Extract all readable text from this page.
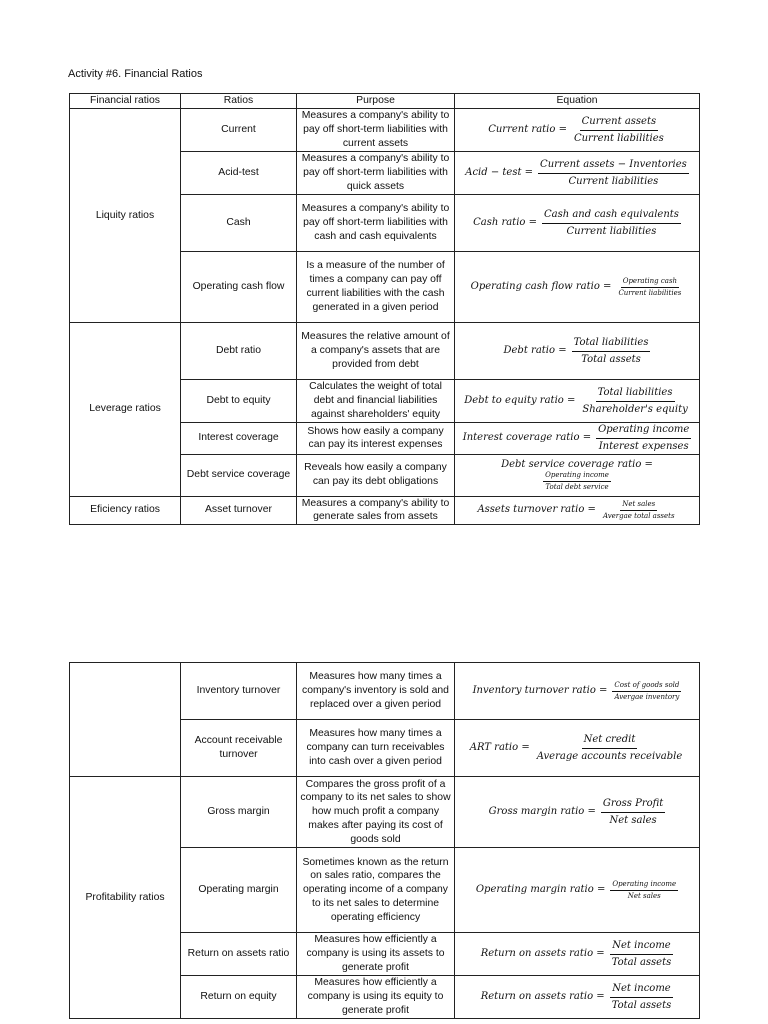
Activity #6. Financial Ratios
Financial ratios	Ratios	Purpose	Equation
Liquity ratios	Current	Measures a company's ability to pay off short-term liabilities with current assets	Current ratio = $\frac{\text{Current assets}}{\text{Current liabilities}}$

	Acid-test	Measures a company's ability to pay off short-term liabilities with quick assets	Acid − test = $\frac{\text{Current assets − Inventories}}{\text{Current liabilities}}$

	Cash	Measures a company's ability to pay off short-term liabilities with cash and cash equivalents	Cash ratio = $\frac{\text{Cash and cash equivalents}}{\text{Current liabilities}}$

	Operating cash flow	Is a measure of the number of times a company can pay off current liabilities with the cash generated in a given period	Operating cash flow ratio = $\frac{\text{Operating cash}}{\text{Current liabilities}}$

Leverage ratios	Debt ratio	Measures the relative amount of a company's assets that are provided from debt	Debt ratio = $\frac{\text{Total liabilities}}{\text{Total assets}}$

	Debt to equity	Calculates the weight of total debt and financial liabilities against shareholders' equity	Debt to equity ratio = $\frac{\text{Total liabilities}}{\text{Shareholder's equity}}$

	Interest coverage	Shows how easily a company can pay its interest expenses	Interest coverage ratio = $\frac{\text{Operating income}}{\text{Interest expenses}}$

	Debt service coverage	Reveals how easily a company can pay its debt obligations	Debt service coverage ratio =
$\frac{\text{Operating income}}{\text{Total debt service}}$

Eficiency ratios	Asset turnover	Measures a company's ability to generate sales from assets	Assets turnover ratio = $\frac{\text{Net sales}}{\text{Avergae total assets}}$
	Inventory turnover	Measures how many times a company's inventory is sold and replaced over a given period	Inventory turnover ratio = $\frac{\text{Cost of goods sold}}{\text{Avergae inventory}}$

	Account receivable turnover	Measures how many times a company can turn receivables into cash over a given period	ART ratio = $\frac{\text{Net credit}}{\text{Average accounts receivable}}$

Profitability ratios	Gross margin	Compares the gross profit of a company to its net sales to show how much profit a company makes after paying its cost of goods sold	Gross margin ratio = $\frac{\text{Gross Profit}}{\text{Net sales}}$

	Operating margin	Sometimes known as the return on sales ratio, compares the operating income of a company to its net sales to determine operating efficiency	Operating margin ratio = $\frac{\text{Operating income}}{\text{Net sales}}$

	Return on assets ratio	Measures how efficiently a company is using its assets to generate profit	Return on assets ratio = $\frac{\text{Net income}}{\text{Total assets}}$

	Return on equity	Measures how efficiently a company is using its equity to generate profit	Return on assets ratio = $\frac{\text{Net income}}{\text{Total assets}}$
